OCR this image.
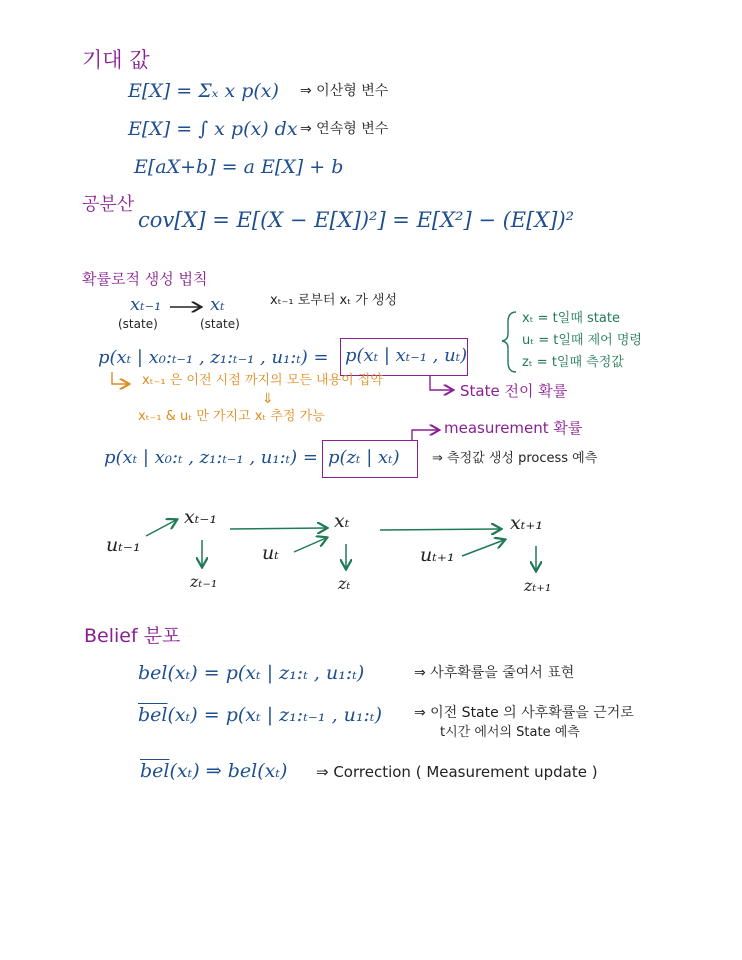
기대 값
E[X] = Σₓ x p(x) ⇒ 이산형 변수
E[X] = ∫ x p(x) dx ⇒ 연속형 변수
E[aX+b] = a E[X] + b
공분산
cov[X] = E[(X − E[X])²] = E[X²] − (E[X])²
확률로적 생성 법칙
xₜ₋₁
(state)
xₜ
(state)
xₜ₋₁ 로부터 xₜ 가 생성
p(xₜ | x₀:ₜ₋₁ , z₁:ₜ₋₁ , u₁:ₜ) = p(xₜ | xₜ₋₁ , uₜ)
State 전이 확률
xₜ₋₁ 은 이전 시점 까지의 모든 내용이 집약
⇓
xₜ₋₁ & uₜ 만 가지고 xₜ 추정 가능
xₜ = t일때 state
uₜ = t일때 제어 명령
zₜ = t일때 측정값
measurement 확률
p(xₜ | x₀:ₜ , z₁:ₜ₋₁ , u₁:ₜ) = p(zₜ | xₜ) ⇒ 측정값 생성 process 예측
uₜ₋₁
xₜ₋₁
zₜ₋₁
uₜ
xₜ
zₜ
uₜ₊₁
xₜ₊₁
zₜ₊₁
Belief 분포
bel(xₜ) = p(xₜ | z₁:ₜ , u₁:ₜ)	⇒ 사후확률을 줄여서 표현
$\overline{bel}(x_t) = p(x_t$ | z₁:ₜ₋₁ , u₁:ₜ) ⇒ 이전 State 의 사후확률을 근거로
t시간 에서의 State 예측
$\overline{bel}(x_t)$ ⇒ bel(xₜ) ⇒ Correction ( Measurement update )
